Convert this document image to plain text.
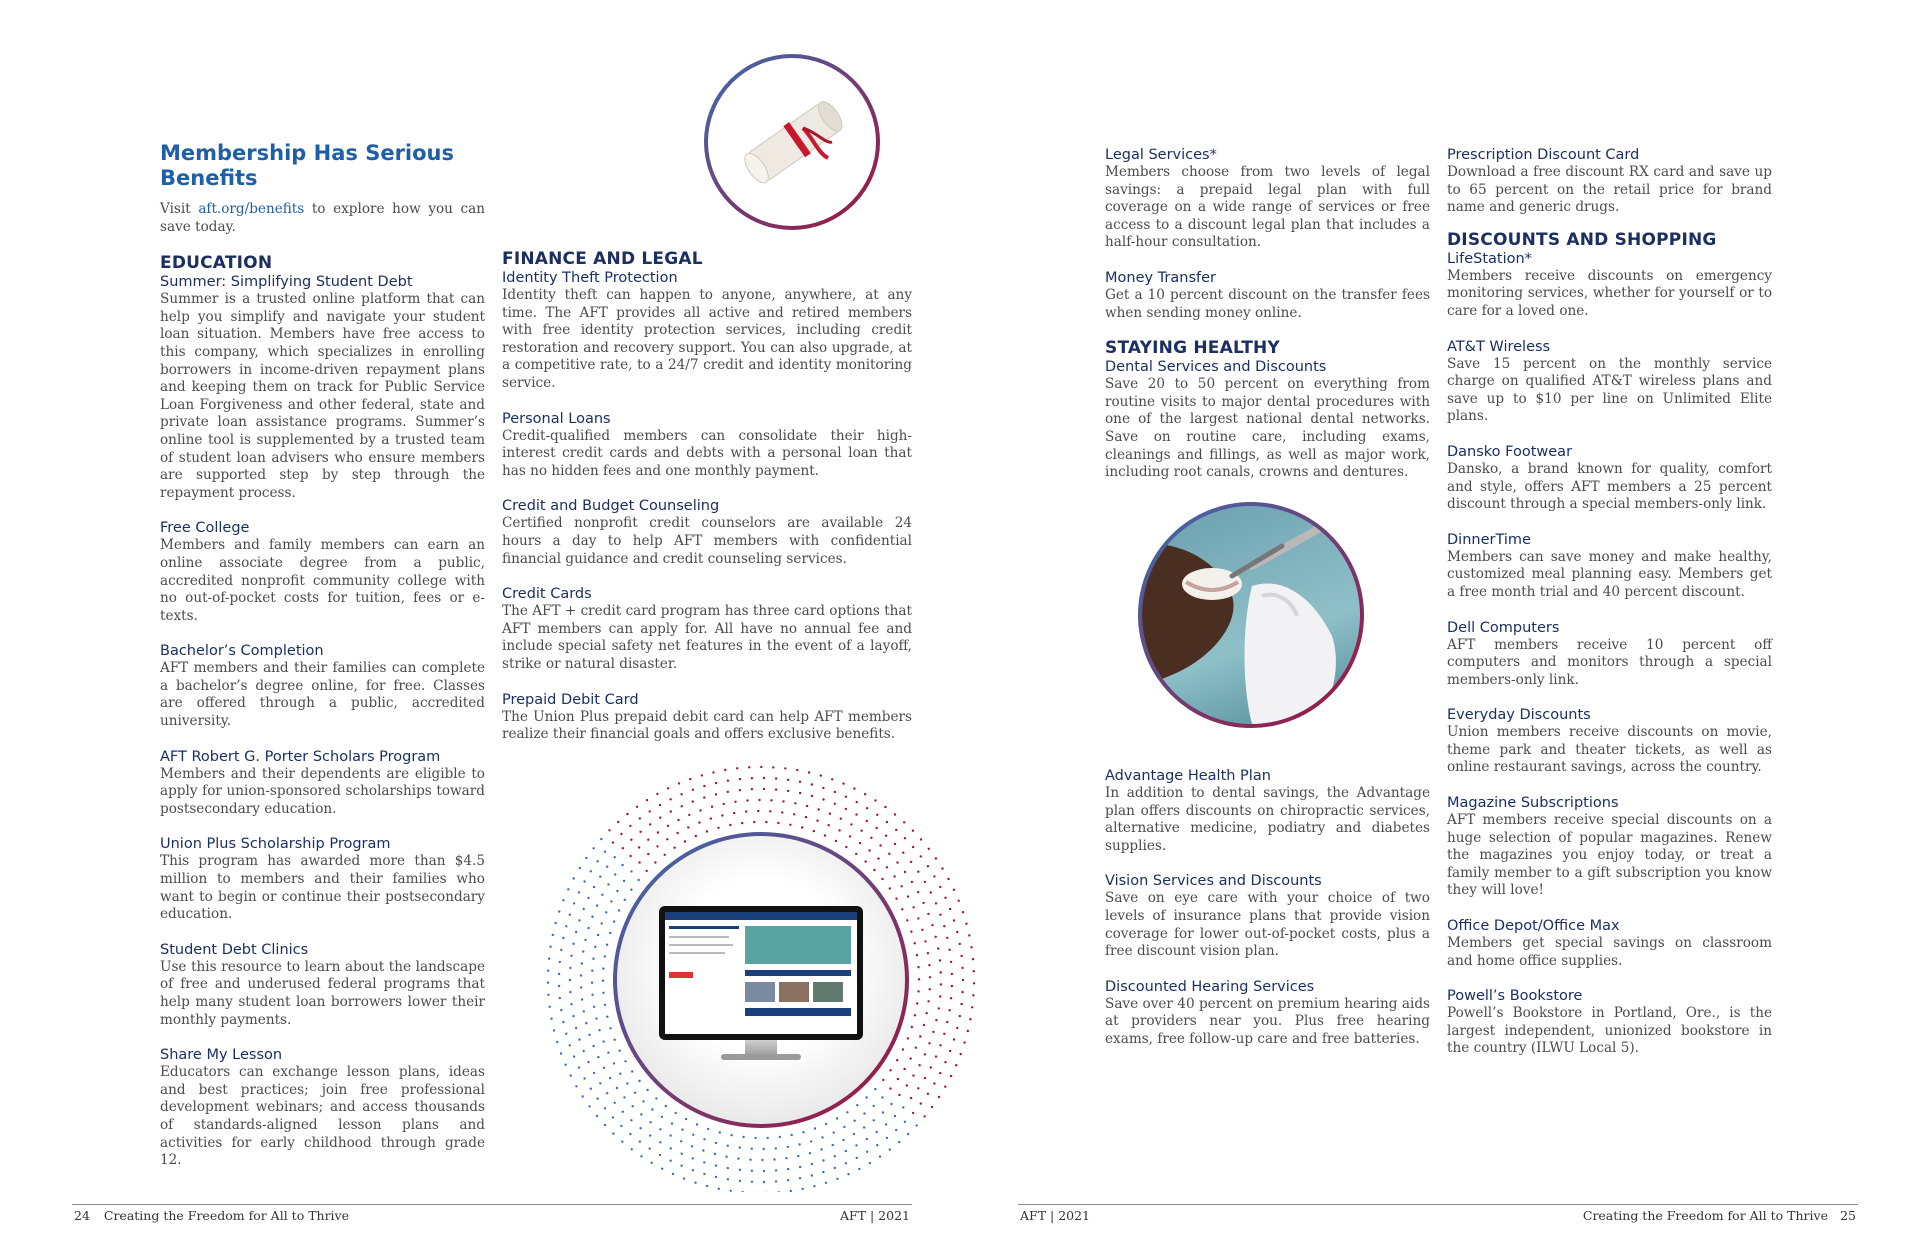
Membership Has Serious Benefits

Visit aft.org/benefits to explore how you can save today.

EDUCATION

Summer: Simplifying Student Debt

Summer is a trusted online platform that can help you simplify and navigate your student loan situation. Members have free access to this company, which specializes in enrolling borrowers in income-driven repayment plans and keeping them on track for Public Service Loan Forgiveness and other federal, state and private loan assistance programs. Summer’s online tool is supplemented by a trusted team of student loan advisers who ensure members are supported step by step through the repayment process.

Free College

Members and family members can earn an online associate degree from a public, accredited nonprofit community college with no out-of-pocket costs for tuition, fees or e-texts.

Bachelor’s Completion

AFT members and their families can complete a bachelor’s degree online, for free. Classes are offered through a public, accredited university.

AFT Robert G. Porter Scholars Program

Members and their dependents are eligible to apply for union-sponsored scholarships toward postsecondary education.

Union Plus Scholarship Program

This program has awarded more than $4.5 million to members and their families who want to begin or continue their postsecondary education.

Student Debt Clinics

Use this resource to learn about the landscape of free and underused federal programs that help many student loan borrowers lower their monthly payments.

Share My Lesson

Educators can exchange lesson plans, ideas and best practices; join free professional development webinars; and access thousands of standards-aligned lesson plans and activities for early childhood through grade 12.

FINANCE AND LEGAL

Identity Theft Protection

Identity theft can happen to anyone, anywhere, at any time. The AFT provides all active and retired members with free identity protection services, including credit restoration and recovery support. You can also upgrade, at a competitive rate, to a 24/7 credit and identity monitoring service.

Personal Loans

Credit-qualified members can consolidate their high-interest credit cards and debts with a personal loan that has no hidden fees and one monthly payment.

Credit and Budget Counseling

Certified nonprofit credit counselors are available 24 hours a day to help AFT members with confidential financial guidance and credit counseling services.

Credit Cards

The AFT + credit card program has three card options that AFT members can apply for. All have no annual fee and include special safety net features in the event of a layoff, strike or natural disaster.

Prepaid Debit Card

The Union Plus prepaid debit card can help AFT members realize their financial goals and offers exclusive benefits.

24 Creating the Freedom for All to Thrive	AFT | 2021

Legal Services*

Members choose from two levels of legal savings: a prepaid legal plan with full coverage on a wide range of services or free access to a discount legal plan that includes a half-hour consultation.

Money Transfer

Get a 10 percent discount on the transfer fees when sending money online.

STAYING HEALTHY

Dental Services and Discounts

Save 20 to 50 percent on everything from routine visits to major dental procedures with one of the largest national dental networks. Save on routine care, including exams, cleanings and fillings, as well as major work, including root canals, crowns and dentures.

Advantage Health Plan

In addition to dental savings, the Advantage plan offers discounts on chiropractic services, alternative medicine, podiatry and diabetes supplies.

Vision Services and Discounts

Save on eye care with your choice of two levels of insurance plans that provide vision coverage for lower out-of-pocket costs, plus a free discount vision plan.

Discounted Hearing Services

Save over 40 percent on premium hearing aids at providers near you. Plus free hearing exams, free follow-up care and free batteries.

Prescription Discount Card

Download a free discount RX card and save up to 65 percent on the retail price for brand name and generic drugs.

DISCOUNTS AND SHOPPING

LifeStation*

Members receive discounts on emergency monitoring services, whether for yourself or to care for a loved one.

AT&T Wireless

Save 15 percent on the monthly service charge on qualified AT&T wireless plans and save up to $10 per line on Unlimited Elite plans.

Dansko Footwear

Dansko, a brand known for quality, comfort and style, offers AFT members a 25 percent discount through a special members-only link.

DinnerTime

Members can save money and make healthy, customized meal planning easy. Members get a free month trial and 40 percent discount.

Dell Computers

AFT members receive 10 percent off computers and monitors through a special members-only link.

Everyday Discounts

Union members receive discounts on movie, theme park and theater tickets, as well as online restaurant savings, across the country.

Magazine Subscriptions

AFT members receive special discounts on a huge selection of popular magazines. Renew the magazines you enjoy today, or treat a family member to a gift subscription you know they will love!

Office Depot/Office Max

Members get special savings on classroom and home office supplies.

Powell’s Bookstore

Powell’s Bookstore in Portland, Ore., is the largest independent, unionized bookstore in the country (ILWU Local 5).

AFT | 2021	Creating the Freedom for All to Thrive 25
